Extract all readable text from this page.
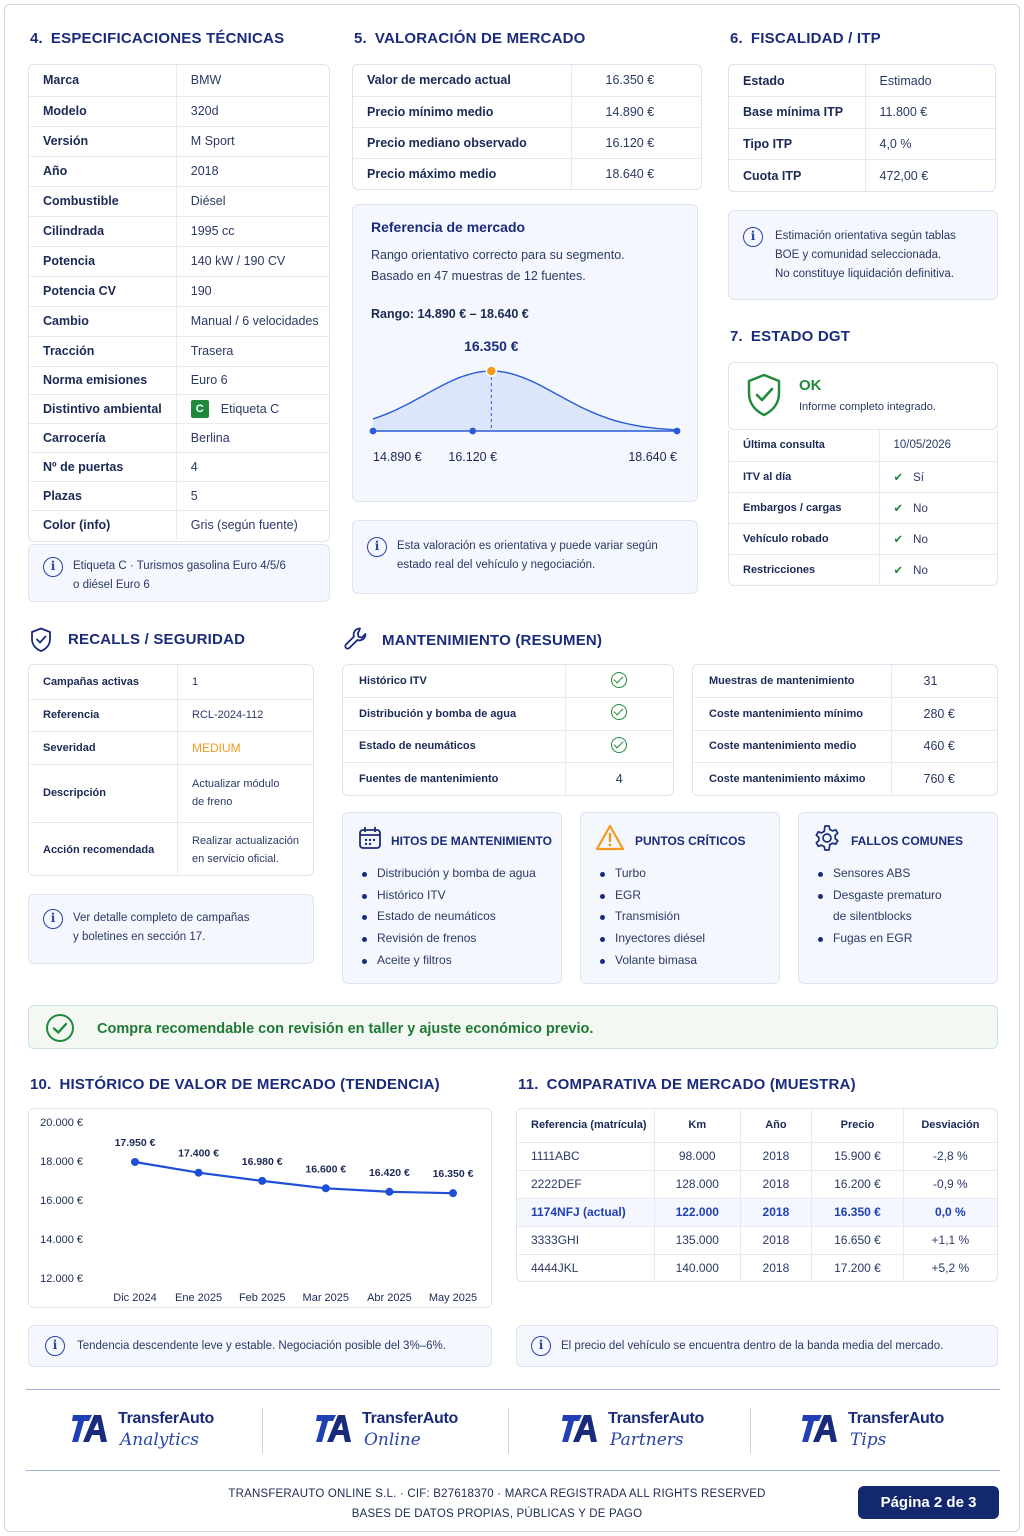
4. ESPECIFICACIONES TÉCNICAS
Marca	BMW
Modelo	320d
Versión	M Sport
Año	2018
Combustible	Diésel
Cilindrada	1995 cc
Potencia	140 kW / 190 CV
Potencia CV	190
Cambio	Manual / 6 velocidades
Tracción	Trasera
Norma emisiones	Euro 6
Distintivo ambiental	C Etiqueta C
Carrocería	Berlina
Nº de puertas	4
Plazas	5
Color (info)	Gris (según fuente)
i	Etiqueta C · Turismos gasolina Euro 4/5/6
o diésel Euro 6
5. VALORACIÓN DE MERCADO
Valor de mercado actual	16.350 €
Precio mínimo medio	14.890 €
Precio mediano observado	16.120 €
Precio máximo medio	18.640 €
Referencia de mercado
Rango orientativo correcto para su segmento.
Basado en 47 muestras de 12 fuentes.
Rango: 14.890 € – 18.640 €
14.890 € 16.120 €	18.640 €
16.350 €
i	Esta valoración es orientativa y puede variar según
estado real del vehículo y negociación.
6. FISCALIDAD / ITP
Estado	Estimado
Base mínima ITP	11.800 €
Tipo ITP	4,0 %
Cuota ITP	472,00 €
i	Estimación orientativa según tablas
BOE y comunidad seleccionada.
No constituye liquidación definitiva.
7. ESTADO DGT
OK
Informe completo integrado.
Última consulta	10/05/2026
ITV al día	✔ Sí
Embargos / cargas	✔ No
Vehículo robado	✔ No
Restricciones	✔ No
RECALLS / SEGURIDAD
Campañas activas	1

Referencia	RCL-2024-112

Severidad	MEDIUM

Descripción	Actualizar módulo
de freno

Acción recomendada	Realizar actualización
en servicio oficial.
i	Ver detalle completo de campañas
y boletines en sección 17.
MANTENIMIENTO (RESUMEN)
Histórico ITV	
Distribución y bomba de agua	
Estado de neumáticos	
Fuentes de mantenimiento	4
Muestras de mantenimiento	31
Coste mantenimiento mínimo	280 €
Coste mantenimiento medio	460 €
Coste mantenimiento máximo	760 €
HITOS DE MANTENIMIENTO
Distribución y bomba de agua
Histórico ITV
Estado de neumáticos
Revisión de frenos
Aceite y filtros
PUNTOS CRÍTICOS
Turbo
EGR
Transmisión
Inyectores diésel
Volante bimasa
FALLOS COMUNES
Sensores ABS
Desgaste prematuro
de silentblocks
Fugas en EGR
Compra recomendable con revisión en taller y ajuste económico previo.
10. HISTÓRICO DE VALOR DE MERCADO (TENDENCIA)
20.000 €
18.000 €
16.000 €
14.000 €
12.000 €
Dic 2024 Ene 2025 Feb 2025 Mar 2025 Abr 2025 May 2025
17.950 €
17.400 €
16.980 €
16.600 € 16.420 € 16.350 €
i	Tendencia descendente leve y estable. Negociación posible del 3%–6%.
11. COMPARATIVA DE MERCADO (MUESTRA)
Referencia (matrícula)	Km	Año	Precio	Desviación
1111ABC	98.000	2018	15.900 €	-2,8 %
2222DEF	128.000	2018	16.200 €	-0,9 %
1174NFJ (actual)	122.000	2018	16.350 €	0,0 %
3333GHI	135.000	2018	16.650 €	+1,1 %
4444JKL	140.000	2018	17.200 €	+5,2 %
i	El precio del vehículo se encuentra dentro de la banda media del mercado.
TransferAuto
Analytics
TransferAuto
Online
TransferAuto
Partners
TransferAuto
Tips
TRANSFERAUTO ONLINE S.L. · CIF: B27618370 · MARCA REGISTRADA ALL RIGHTS RESERVED
BASES DE DATOS PROPIAS, PÚBLICAS Y DE PAGO
Página 2 de 3
